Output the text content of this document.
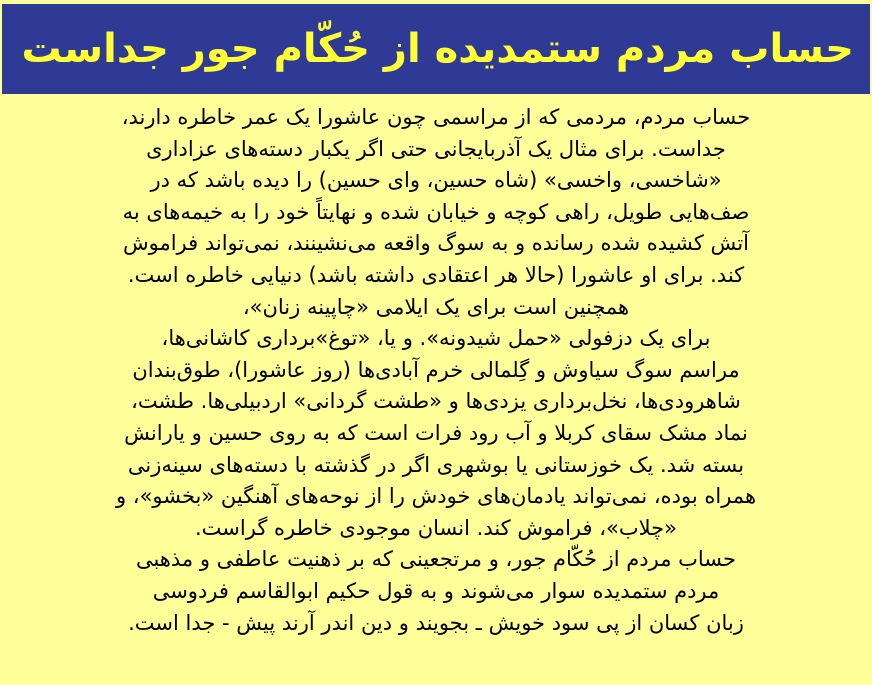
حساب مردم ستمدیده از حُکّام جور جداست
حساب مردم، مردمی که از مراسمی چون عاشورا یک عمر خاطره دارند،
جداست. برای مثال یک آذربایجانی حتی اگر یکبار دسته‌های عزاداری
«شاخسی، واخسی» (شاه حسین، وای حسین) را دیده باشد که در
صف‌هایی طویل، راهی کوچه و خیابان شده و نهایتاً خود را به خیمه‌های به
آتش کشیده شده رسانده و به سوگ واقعه می‌نشینند، نمی‌تواند فراموش
کند. برای او عاشورا (حالا هر اعتقادی داشته باشد) دنیایی خاطره است.
همچنین است برای یک ایلامی «چاپینه زنان»،
برای یک دزفولی «حمل شیدونه». و یا، «توغ»برداری کاشانی‌ها،
مراسم سوگ سیاوش و گِلمالی خرم آبادی‌ها (روز عاشورا)، طوق‌بندان
شاهرودی‌ها، نخل‌برداری یزدی‌ها و «طشت گردانی» اردبیلی‌ها. طشت،
نماد مشک سقای کربلا و آب رود فرات است که به روی حسین و یارانش
بسته شد. یک خوزستانی یا بوشهری اگر در گذشته با دسته‌های سینه‌زنی
همراه بوده، نمی‌تواند یادمان‌های خودش را از نوحه‌های آهنگین «بخشو»، و
«چلاب»، فراموش کند. انسان موجودی خاطره گراست.
حساب مردم از حُکّام جور، و مرتجعینی که بر ذهنیت عاطفی و مذهبی
مردم ستمدیده سوار می‌شوند و به قول حکیم ابوالقاسم فردوسی
زبان کسان از پی سود خویش ـ بجویند و دین اندر آرند پیش - جدا است.
